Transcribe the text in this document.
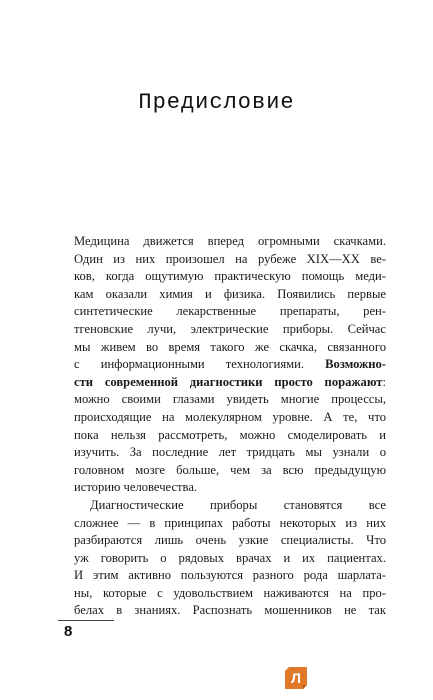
Предисловие
Медицина движется вперед огромными скачками.
Один из них произошел на рубеже XIX—XX ве-
ков, когда ощутимую практическую помощь меди-
кам оказали химия и физика. Появились первые
синтетические лекарственные препараты, рен-
тгеновские лучи, электрические приборы. Сейчас
мы живем во время такого же скачка, связанного
с информационными технологиями. Возможно-
сти современной диагностики просто поражают:
можно своими глазами увидеть многие процессы,
происходящие на молекулярном уровне. А те, что
пока нельзя рассмотреть, можно смоделировать и
изучить. За последние лет тридцать мы узнали о
головном мозге больше, чем за всю предыдущую
историю человечества.
Диагностические приборы становятся все
сложнее — в принципах работы некоторых из них
разбираются лишь очень узкие специалисты. Что
уж говорить о рядовых врачах и их пациентах.
И этим активно пользуются разного рода шарлата-
ны, которые с удовольствием наживаются на про-
белах в знаниях. Распознать мошенников не так
8
Л
